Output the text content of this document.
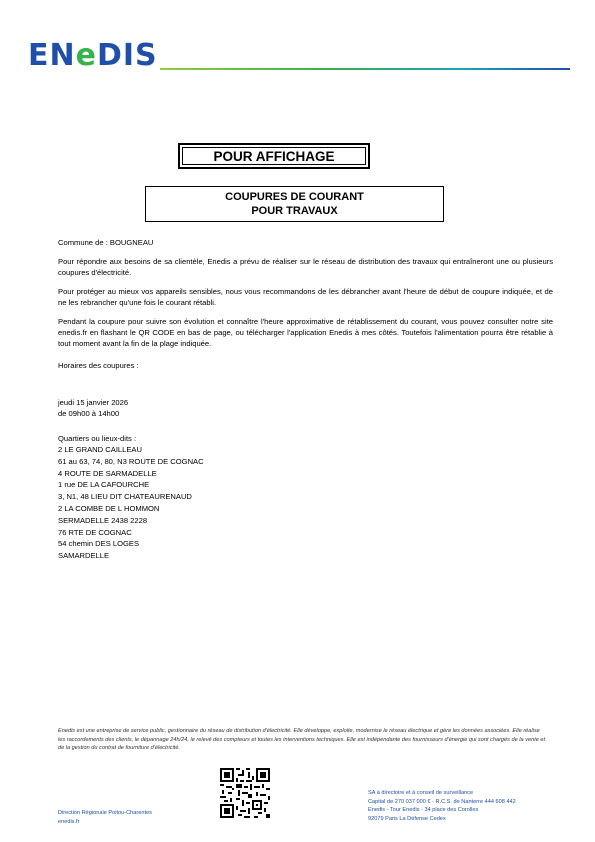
ENeDIS
POUR AFFICHAGE
COUPURES DE COURANT
POUR TRAVAUX
Commune de : BOUGNEAU
Pour répondre aux besoins de sa clientèle, Enedis a prévu de réaliser sur le réseau de distribution des travaux qui entraîneront une ou plusieurs coupures d'électricité.
Pour protéger au mieux vos appareils sensibles, nous vous recommandons de les débrancher avant l'heure de début de coupure indiquée, et de ne les rebrancher qu'une fois le courant rétabli.
Pendant la coupure pour suivre son évolution et connaître l'heure approximative de rétablissement du courant, vous pouvez consulter notre site enedis.fr en flashant le QR CODE en bas de page, ou télécharger l'application Enedis à mes côtés. Toutefois l'alimentation pourra être rétablie à tout moment avant la fin de la plage indiquée.
Horaires des coupures :
jeudi 15 janvier 2026
de 09h00 à 14h00
Quartiers ou lieux-dits :
2 LE GRAND CAILLEAU
61 au 63, 74, 80, N3 ROUTE DE COGNAC
4 ROUTE DE SARMADELLE
1 rue DE LA CAFOURCHE
3, N1, 48 LIEU DIT CHATEAURENAUD
2 LA COMBE DE L HOMMON
SERMADELLE 2438 2228
76 RTE DE COGNAC
54 chemin DES LOGES
SAMARDELLE
Enedis est une entreprise de service public, gestionnaire du réseau de distribution d'électricité. Elle développe, exploite, modernise le réseau électrique et gère les données associées. Elle réalise les raccordements des clients, le dépannage 24h/24, le relevé des compteurs et toutes les interventions techniques. Elle est indépendante des fournisseurs d'énergie qui sont chargés de la vente et de la gestion du contrat de fourniture d'électricité.
Direction Régionale Poitou-Charentes
enedis.fr
SA à directoire et à conseil de surveillance
Capital de 270 037 000 € - R.C.S. de Nanterre 444 608 442
Enedis - Tour Enedis - 34 place des Corolles
92079 Paris La Défense Cedex
